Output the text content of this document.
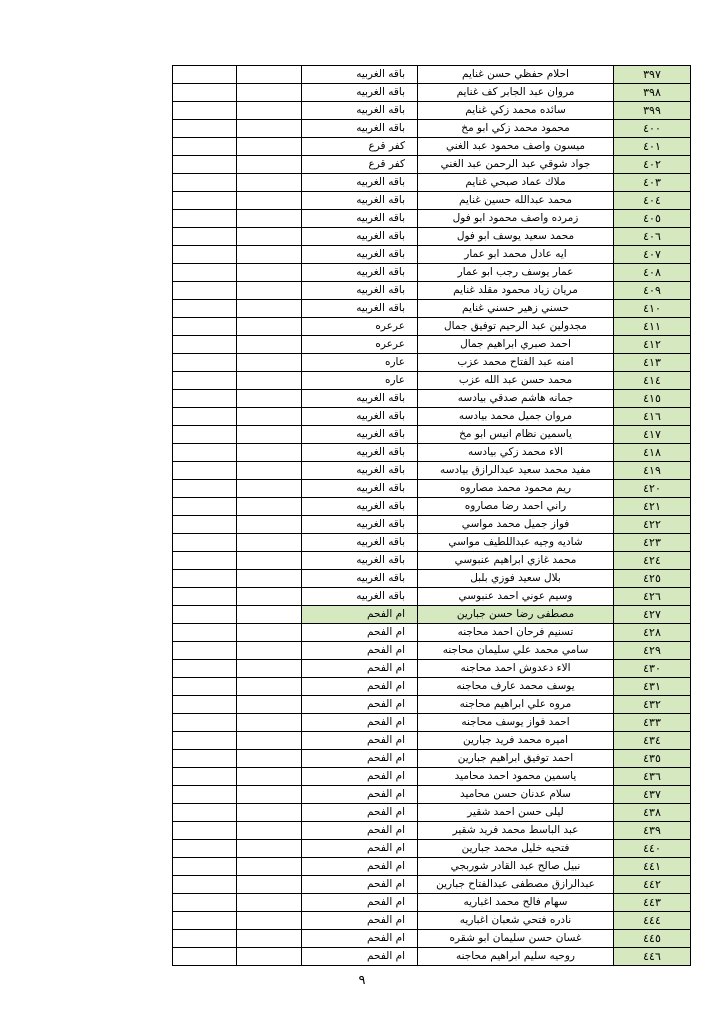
		باقه الغربيه	احلام حفظي حسن غنايم	٣٩٧
		باقه الغربيه	مروان عبد الجابر كف غنايم	٣٩٨
		باقه الغربيه	سائده محمد زكي غنايم	٣٩٩
		باقه الغربيه	محمود محمد زكي ابو مخ	٤٠٠
		كفر قرع	ميسون واصف محمود عبد الغني	٤٠١
		كفر قرع	جواد شوقي عبد الرحمن عبد الغني	٤٠٢
		باقه الغربيه	ملاك عماد صبحي غنايم	٤٠٣
		باقه الغربيه	محمد عبدالله حسين غنايم	٤٠٤
		باقه الغربيه	زمرده واصف محمود ابو فول	٤٠٥
		باقه الغربيه	محمد سعيد يوسف ابو فول	٤٠٦
		باقه الغربيه	ايه عادل محمد ابو عمار	٤٠٧
		باقه الغربيه	عمار يوسف رجب ابو عمار	٤٠٨
		باقه الغربيه	مريان زياد محمود مقلد غنايم	٤٠٩
		باقه الغربيه	حسني زهير حسني غنايم	٤١٠
		عرعره	مجدولين عبد الرحيم توفيق جمال	٤١١
		عرعره	احمد صبري ابراهيم جمال	٤١٢
		عاره	امنه عبد الفتاح محمد عزب	٤١٣
		عاره	محمد حسن عبد الله عزب	٤١٤
		باقه الغربيه	جمانه هاشم صدقي بيادسه	٤١٥
		باقه الغربيه	مروان جميل محمد بيادسه	٤١٦
		باقه الغربيه	ياسمين نظام انيس ابو مخ	٤١٧
		باقه الغربيه	الاء محمد زكي بيادسه	٤١٨
		باقه الغربيه	مفيد محمد سعيد عبدالرازق بيادسه	٤١٩
		باقه الغربيه	ريم محمود محمد مصاروه	٤٢٠
		باقه الغربيه	راني احمد رضا مصاروه	٤٢١
		باقه الغربيه	فواز جميل محمد مواسي	٤٢٢
		باقه الغربيه	شاديه وجيه عبداللطيف مواسي	٤٢٣
		باقه الغربيه	محمد غازي ابراهيم عنبوسي	٤٢٤
		باقه الغربيه	بلال سعيد فوزي بلبل	٤٢٥
		باقه الغربيه	وسيم عوني احمد عنبوسي	٤٢٦
		ام الفحم	مصطفى رضا حسن جبارين	٤٢٧
		ام الفحم	تسنيم فرحان احمد محاجنه	٤٢٨
		ام الفحم	سامي محمد علي سليمان محاجنه	٤٢٩
		ام الفحم	الاء دعدوش احمد محاجنه	٤٣٠
		ام الفحم	يوسف محمد عارف محاجنه	٤٣١
		ام الفحم	مروه علي ابراهيم محاجنه	٤٣٢
		ام الفحم	احمد فواز يوسف محاجنه	٤٣٣
		ام الفحم	اميره محمد فريد جبارين	٤٣٤
		ام الفحم	احمد توفيق ابراهيم جبارين	٤٣٥
		ام الفحم	ياسمين محمود احمد محاميد	٤٣٦
		ام الفحم	سلام عدنان حسن محاميد	٤٣٧
		ام الفحم	ليلى حسن احمد شقير	٤٣٨
		ام الفحم	عبد الباسط محمد فريد شقير	٤٣٩
		ام الفحم	فتحيه خليل محمد جبارين	٤٤٠
		ام الفحم	نبيل صالح عبد القادر شوربجي	٤٤١
		ام الفحم	عبدالرازق مصطفى عبدالفتاح جبارين	٤٤٢
		ام الفحم	سهام فالح محمد اغباريه	٤٤٣
		ام الفحم	نادره فتحي شعبان اغباريه	٤٤٤
		ام الفحم	غسان حسن سليمان ابو شقره	٤٤٥
		ام الفحم	روحيه سليم ابراهيم محاجنه	٤٤٦
٩
